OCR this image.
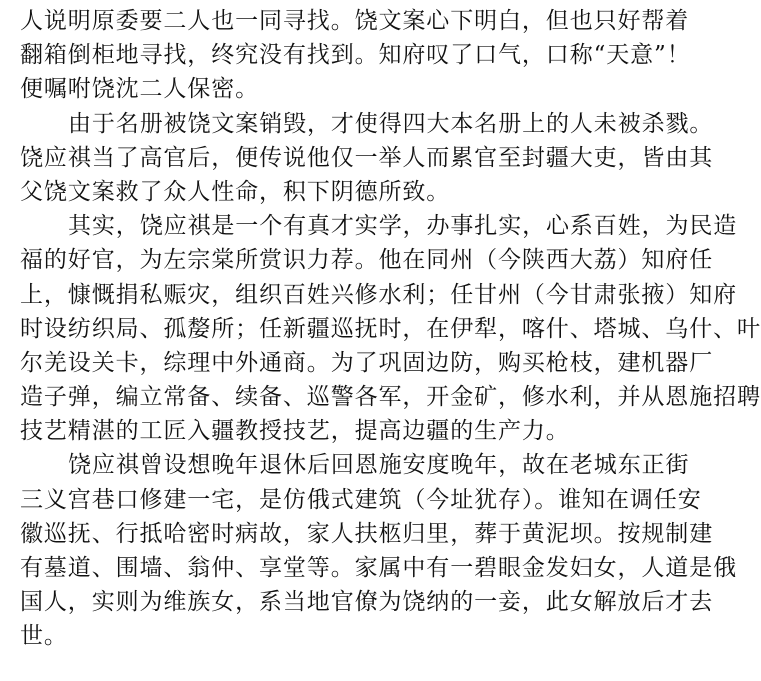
人说明原委要二人也一同寻找。饶文案心下明白，但也只好帮着
翻箱倒柜地寻找，终究没有找到。知府叹了口气，口称“天意”！
便嘱咐饶沈二人保密。
由于名册被饶文案销毁，才使得四大本名册上的人未被杀戮。
饶应祺当了高官后，便传说他仅一举人而累官至封疆大吏，皆由其
父饶文案救了众人性命，积下阴德所致。
其实，饶应祺是一个有真才实学，办事扎实，心系百姓，为民造
福的好官，为左宗棠所赏识力荐。他在同州（今陕西大荔）知府任
上，慷慨捐私赈灾，组织百姓兴修水利；任甘州（今甘肃张掖）知府
时设纺织局、孤嫠所；任新疆巡抚时，在伊犁，喀什、塔城、乌什、叶
尔羌设关卡，综理中外通商。为了巩固边防，购买枪枝，建机器厂
造子弹，编立常备、续备、巡警各军，开金矿，修水利，并从恩施招聘
技艺精湛的工匠入疆教授技艺，提高边疆的生产力。
饶应祺曾设想晚年退休后回恩施安度晚年，故在老城东正街
三义宫巷口修建一宅，是仿俄式建筑（今址犹存）。谁知在调任安
徽巡抚、行抵哈密时病故，家人扶柩归里，葬于黄泥坝。按规制建
有墓道、围墙、翁仲、享堂等。家属中有一碧眼金发妇女，人道是俄
国人，实则为维族女，系当地官僚为饶纳的一妾，此女解放后才去
世。
